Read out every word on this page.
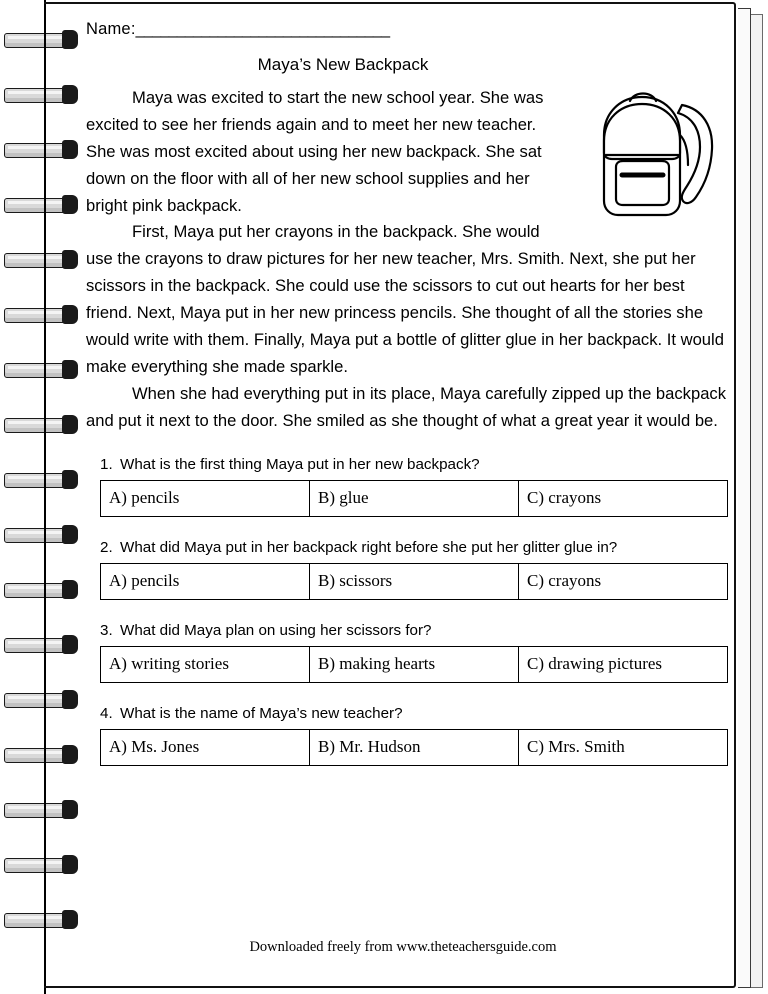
Name: _______________________________
Maya’s New Backpack

Maya was excited to start the new school year. She was excited to see her friends again and to meet her new teacher. She was most excited about using her new backpack. She sat down on the floor with all of her new school supplies and her bright pink backpack.

First, Maya put her crayons in the backpack. She would use the crayons to draw pictures for her new teacher, Mrs. Smith. Next, she put her scissors in the backpack. She could use the scissors to cut out hearts for her best friend. Next, Maya put in her new princess pencils. She thought of all the stories she would write with them. Finally, Maya put a bottle of glitter glue in her backpack. It would make everything she made sparkle.

When she had everything put in its place, Maya carefully zipped up the backpack and put it next to the door. She smiled as she thought of what a great year it would be.

1. What is the first thing Maya put in her new backpack?
A) pencils	B) glue	C) crayons
2. What did Maya put in her backpack right before she put her glitter glue in?
A) pencils	B) scissors	C) crayons
3. What did Maya plan on using her scissors for?
A) writing stories	B) making hearts	C) drawing pictures
4. What is the name of Maya’s new teacher?
A) Ms. Jones	B) Mr. Hudson	C) Mrs. Smith
Downloaded freely from www.theteachersguide.com
